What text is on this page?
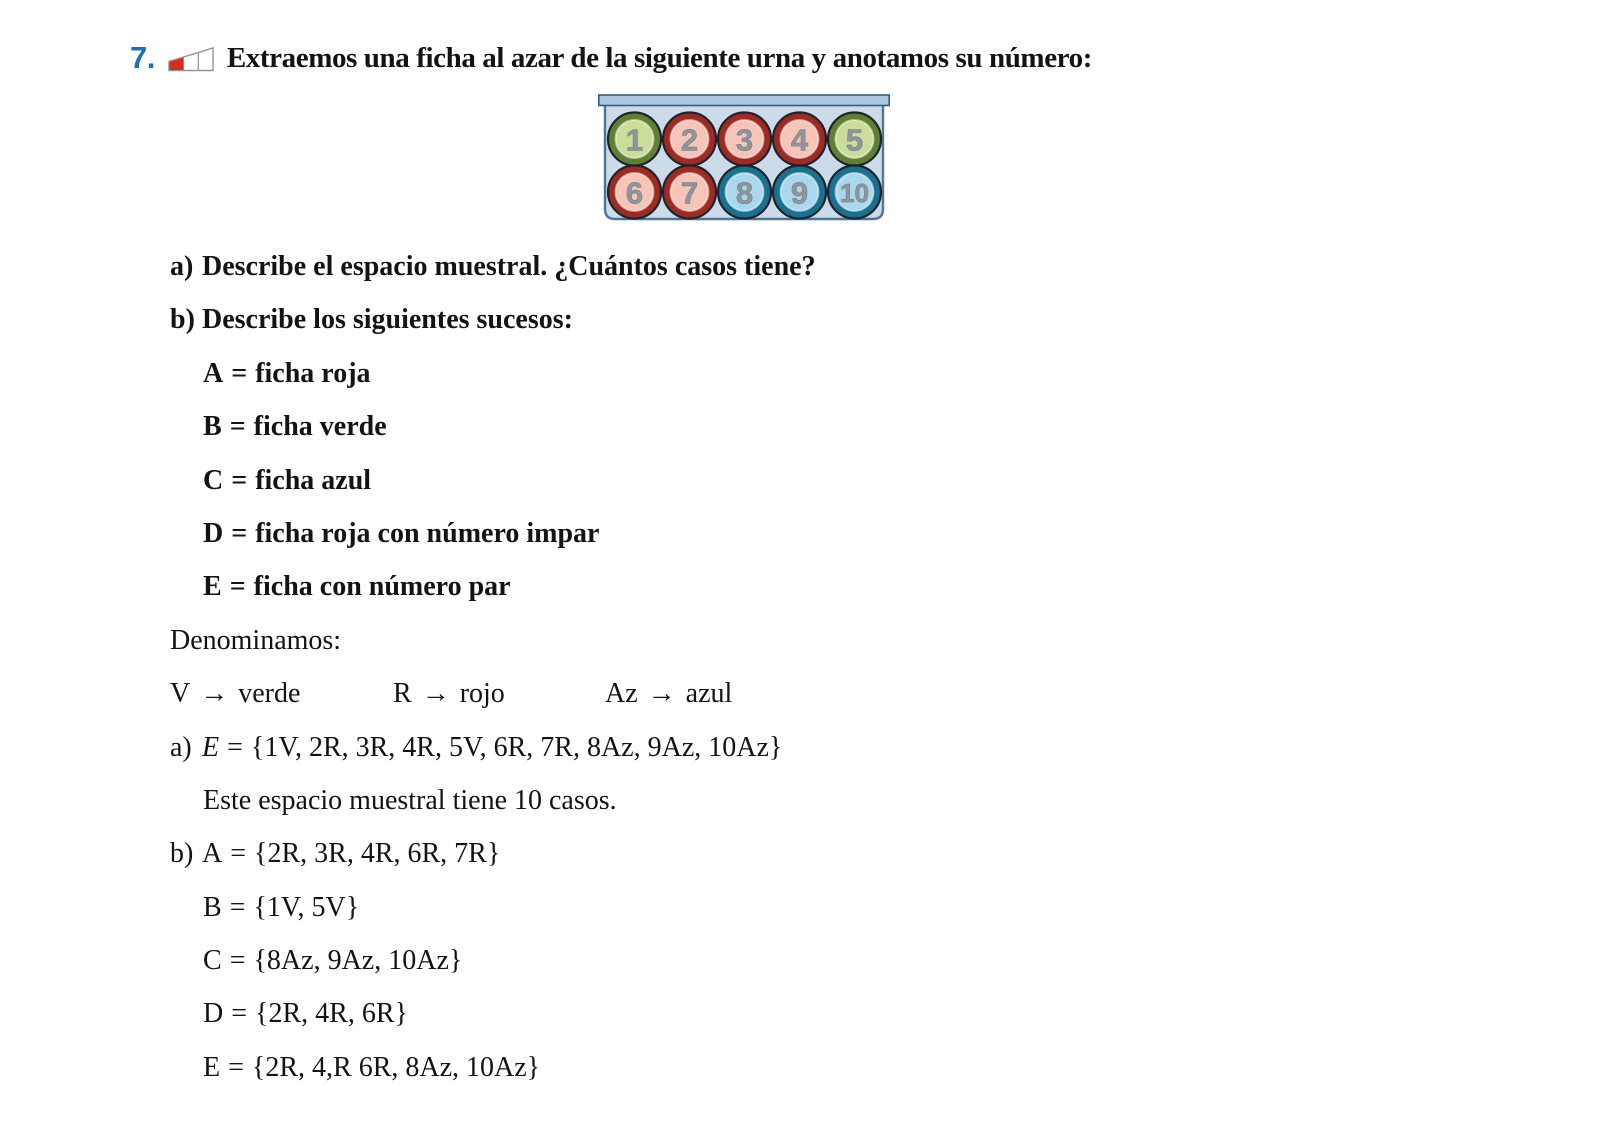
7. Extraemos una ficha al azar de la siguiente urna y anotamos su número:
1 2 3 4 5
6 7 8 9 10
a) Describe el espacio muestral. ¿Cuántos casos tiene?
b) Describe los siguientes sucesos:
A = ficha roja
B = ficha verde
C = ficha azul
D = ficha roja con número impar
E = ficha con número par
Denominamos:
V → verde	R → rojo	Az → azul
a) E = {1V, 2R, 3R, 4R, 5V, 6R, 7R, 8Az, 9Az, 10Az}
Este espacio muestral tiene 10 casos.
b) A = {2R, 3R, 4R, 6R, 7R}
B = {1V, 5V}
C = {8Az, 9Az, 10Az}
D = {2R, 4R, 6R}
E = {2R, 4,R 6R, 8Az, 10Az}
